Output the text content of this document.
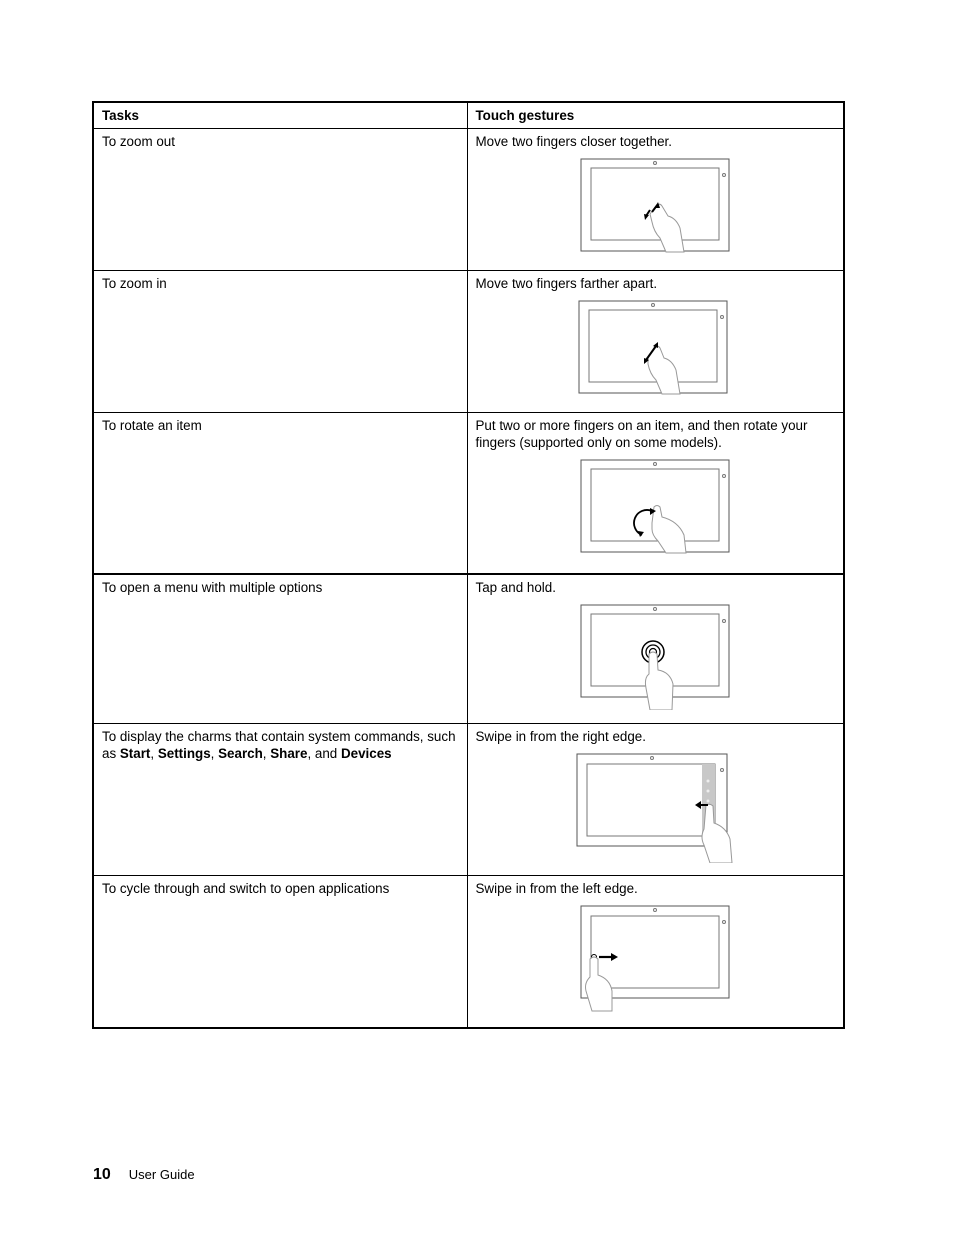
Tasks	Touch gestures
To zoom out	Move two fingers closer together.

To zoom in	Move two fingers farther apart.

To rotate an item	Put two or more fingers on an item, and then rotate your fingers (supported only on some models).

To open a menu with multiple options	Tap and hold.

To display the charms that contain system commands, such as Start, Settings, Search, Share, and Devices	Swipe in from the right edge.

To cycle through and switch to open applications	Swipe in from the left edge.
10 User Guide
